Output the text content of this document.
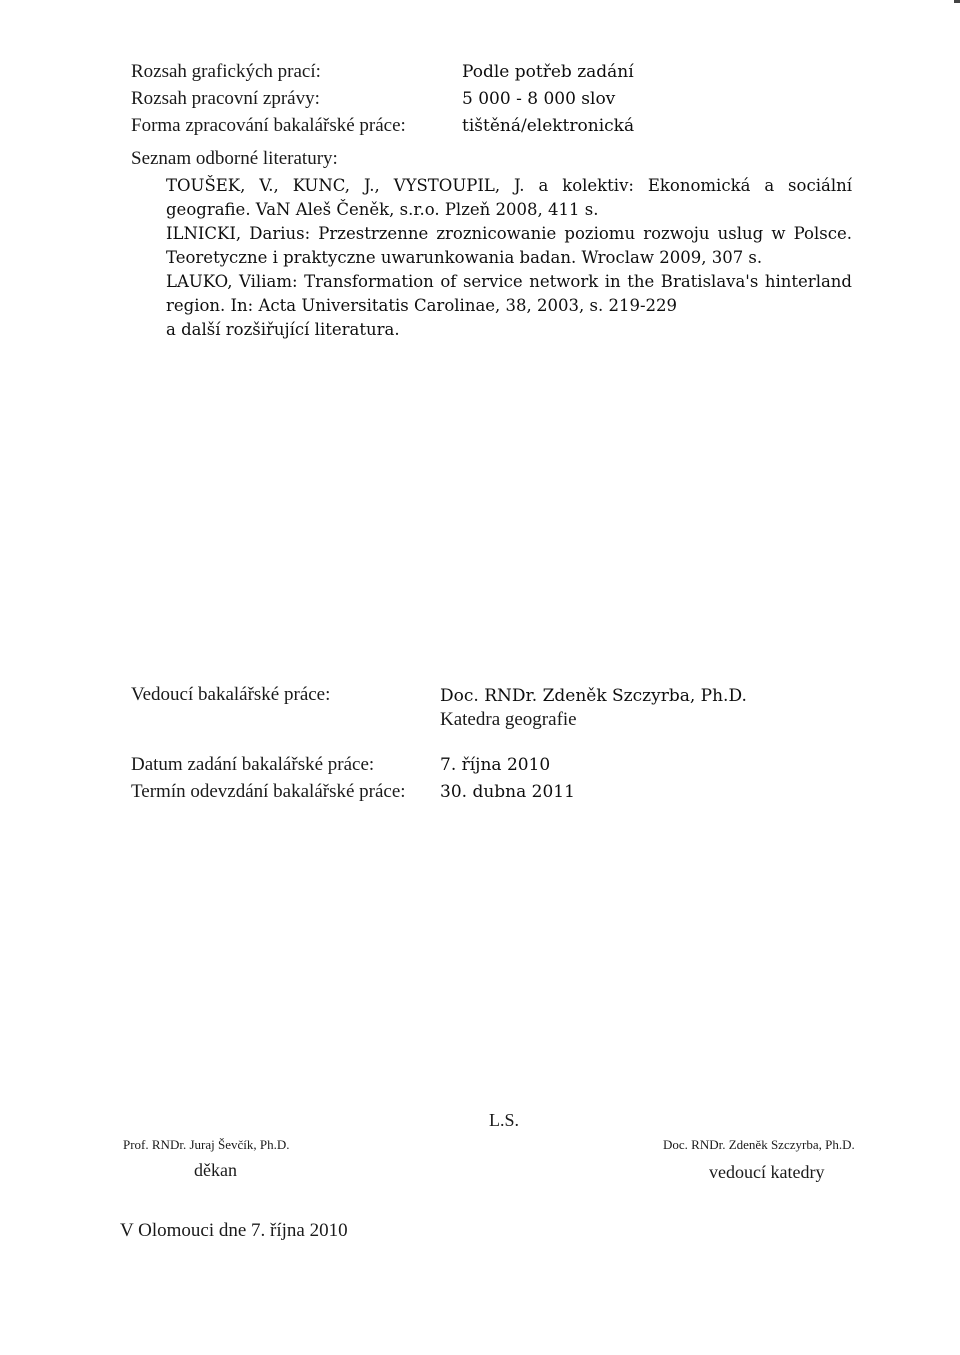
Rozsah grafických prací:	Podle potřeb zadání
Rozsah pracovní zprávy:	5 000 - 8 000 slov
Forma zpracování bakalářské práce:	tištěná/elektronická
Seznam odborné literatury:

TOUŠEK, V., KUNC, J., VYSTOUPIL, J. a kolektiv: Ekonomická a sociální geografie. VaN Aleš Čeněk, s.r.o. Plzeň 2008, 411 s.

ILNICKI, Darius: Przestrzenne zroznicowanie poziomu rozwoju uslug w Polsce. Teoretyczne i praktyczne uwarunkowania badan. Wroclaw 2009, 307 s.

LAUKO, Viliam: Transformation of service network in the Bratislava's hinterland region. In: Acta Universitatis Carolinae, 38, 2003, s. 219-229

a další rozšiřující literatura.

Vedoucí bakalářské práce:	Doc. RNDr. Zdeněk Szczyrba, Ph.D.
Katedra geografie
Datum zadání bakalářské práce:	7. října 2010
Termín odevzdání bakalářské práce: 30. dubna 2011
L.S.
Prof. RNDr. Juraj Ševčík, Ph.D.
děkan
Doc. RNDr. Zdeněk Szczyrba, Ph.D.
vedoucí katedry
V Olomouci dne 7. října 2010
